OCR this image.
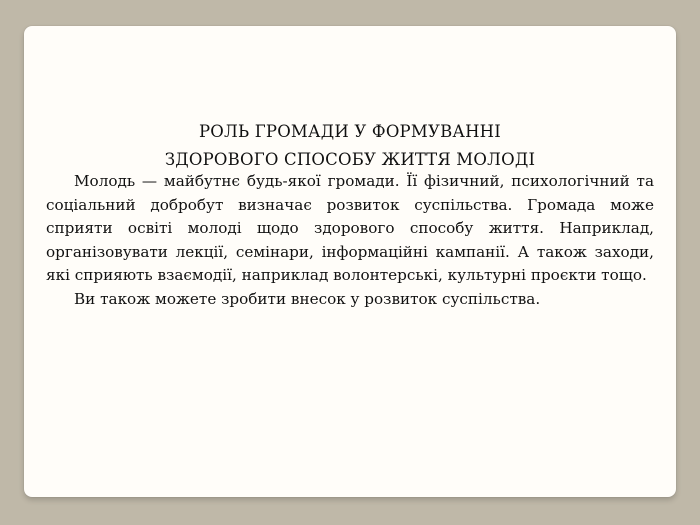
РОЛЬ ГРОМАДИ У ФОРМУВАННІ
ЗДОРОВОГО СПОСОБУ ЖИТТЯ МОЛОДІ

Молодь — майбутнє будь-якої громади. Її фізичний, психологічний та соціальний добробут визначає розвиток суспільства. Громада може сприяти освіті молоді щодо здорового способу життя. Наприклад, організовувати лекції, семінари, інформаційні кампанії. А також заходи, які сприяють взаємодії, наприклад волонтерські, культурні проєкти тощо.

Ви також можете зробити внесок у розвиток суспільства.
